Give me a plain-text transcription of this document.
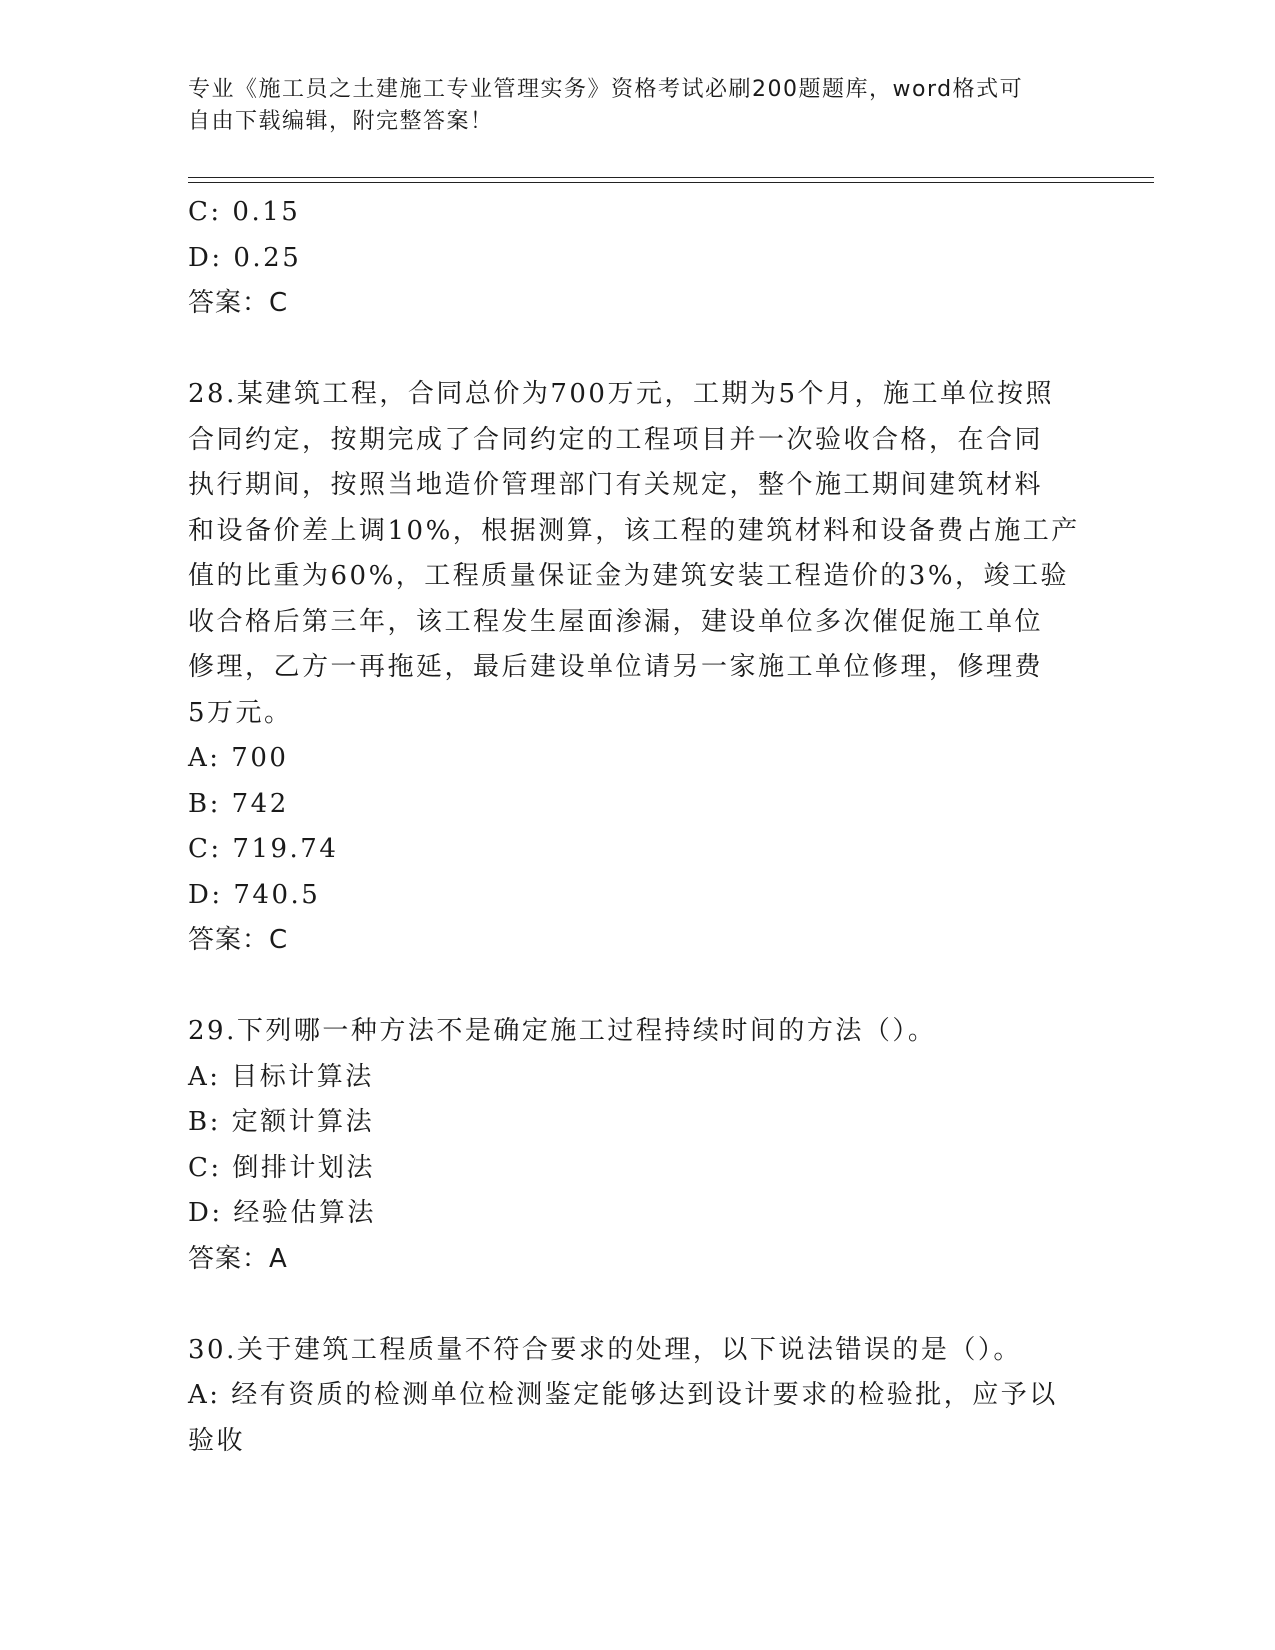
专业《施工员之土建施工专业管理实务》资格考试必刷200题题库，word格式可
自由下载编辑，附完整答案！
C: 0.15
D: 0.25
答案：C
28.某建筑工程，合同总价为700万元，工期为5个月，施工单位按照
合同约定，按期完成了合同约定的工程项目并一次验收合格，在合同
执行期间，按照当地造价管理部门有关规定，整个施工期间建筑材料
和设备价差上调10%，根据测算，该工程的建筑材料和设备费占施工产
值的比重为60%，工程质量保证金为建筑安装工程造价的3%，竣工验
收合格后第三年，该工程发生屋面渗漏，建设单位多次催促施工单位
修理，乙方一再拖延，最后建设单位请另一家施工单位修理，修理费
5万元。
A: 700
B: 742
C: 719.74
D: 740.5
答案：C
29.下列哪一种方法不是确定施工过程持续时间的方法（）。
A: 目标计算法
B: 定额计算法
C: 倒排计划法
D: 经验估算法
答案：A
30.关于建筑工程质量不符合要求的处理，以下说法错误的是（）。
A: 经有资质的检测单位检测鉴定能够达到设计要求的检验批，应予以
验收
